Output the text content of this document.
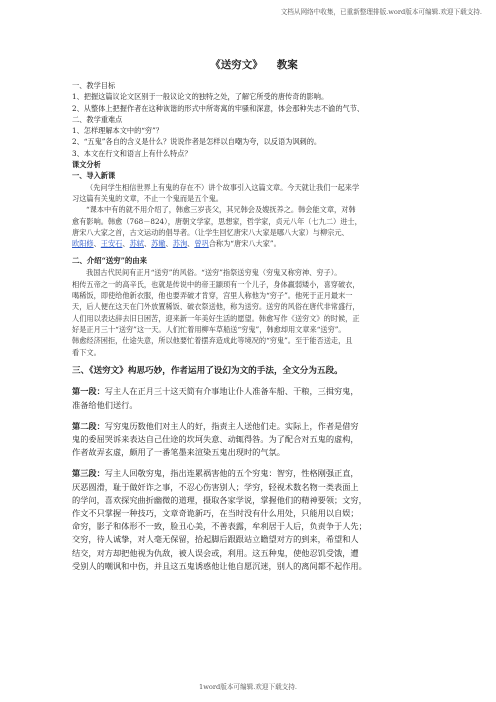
文档从网络中收集，已重新整理排版.word版本可编辑.欢迎下载支持.
《送穷文》 教案
一、教学目标
1、把握这篇议论文区别于一般议论文的独特之处，了解它所受的唐传奇的影响。
2、从整体上把握作者在这种诙谐的形式中所寄寓的牢骚和深意，体会那种失志不渝的气节、
二、教学重难点
1、怎样理解本文中的“穷”？
2、“五鬼”各自的含义是什么？说说作者是怎样以自嘲为夸，以反语为讽刺的。
3、本文在行文和语言上有什么特点？
课文分析
一、导入新课
（先问学生相信世界上有鬼的存在不）讲个故事引入这篇文章。今天就让我们一起来学
习这篇有关鬼的文章，不止一个鬼而是五个鬼。
“课本中有的就不用介绍了，韩愈三岁丧父，其兄韩会及嫂抚养之。韩会能文章，对韩
愈有影响。韩愈（768－824），唐朝文学家，思想家，哲学家，贞元八年（七九二）进士，
唐宋八大家之首，古文运动的倡导者。（让学生回忆唐宋八大家是哪八大家）与柳宗元、
欧阳修、王安石、苏轼、苏辙、苏洵、曾巩合称为“唐宋八大家”。
二、介绍“送穷”的由来
我国古代民间有正月“送穷”的风俗。“送穷”指祭送穷鬼（穷鬼又称穷神、穷子）。
相传五帝之一的高辛氏，也就是传说中的帝王颛顼有一个儿子，身体羸弱矮小，喜穿破衣，
喝稀饭，即使给他新衣服，他也要弄破才肯穿，宫里人称他为“穷子”。他死于正月最末一
天，后人便在这天在门外放置稀饭、破衣祭送他，称为送穷。送穷的风俗在唐代非常盛行，
人们用以表达辞去旧日困苦，迎来新一年美好生活的愿望。韩愈写作《送穷文》的时候，正
好是正月三十“送穷”这一天。人们忙着用柳车草船送“穷鬼”，韩愈却用文章来“送穷”。
韩愈经济困拒，仕途失意，所以他要忙着摆弃造成此等境况的“穷鬼”。至于能否送走，且
看下文。
三、《送穷文》构思巧妙，作者运用了设幻为文的手法，全文分为五段。
第一段：写主人在正月三十这天简有介事地让仆人准备车船、干粮，三揖穷鬼，
准备给他们送行。
第二段：写穷鬼历数他们对主人的好，指责主人送他们走。实际上，作者是借穷
鬼的委屈哭诉来表达自己仕途的坎坷失意、动辄得咎。为了配合对五鬼的虚构，
作者故弄玄虚，颇用了一番笔墨来渲染五鬼出现时的气氛。
第三段：写主人回敬穷鬼，指出连累祸害他的五个穷鬼：智穷，性格刚强正直，
厌恶圆滑，耻于做奸诈之事，不忍心伤害别人；学穷，轻视术数名物一类表面上
的学问，喜欢探究曲折幽微的道理，摄取各家学说，掌握他们的精神要领；文穷，
作文不只掌握一种技巧，文章奇诡新巧，在当时没有什么用处，只能用以自娱；
命穷，影子和体形不一致，脸丑心美，不善表露，牟利居于人后，负责争于人先；
交穷，待人诚挚，对人毫无保留，拾起脚后跟跟站立瞻望对方的到来，希望和人
结交，对方却把他视为仇敌，被人误会或，利用。这五种鬼，使他忍饥受饿，遭
受别人的嘲讽和中伤，并且这五鬼诱惑他让他自愿沉迷，别人的离间都不起作用。
1word版本可编辑.欢迎下载支持.
